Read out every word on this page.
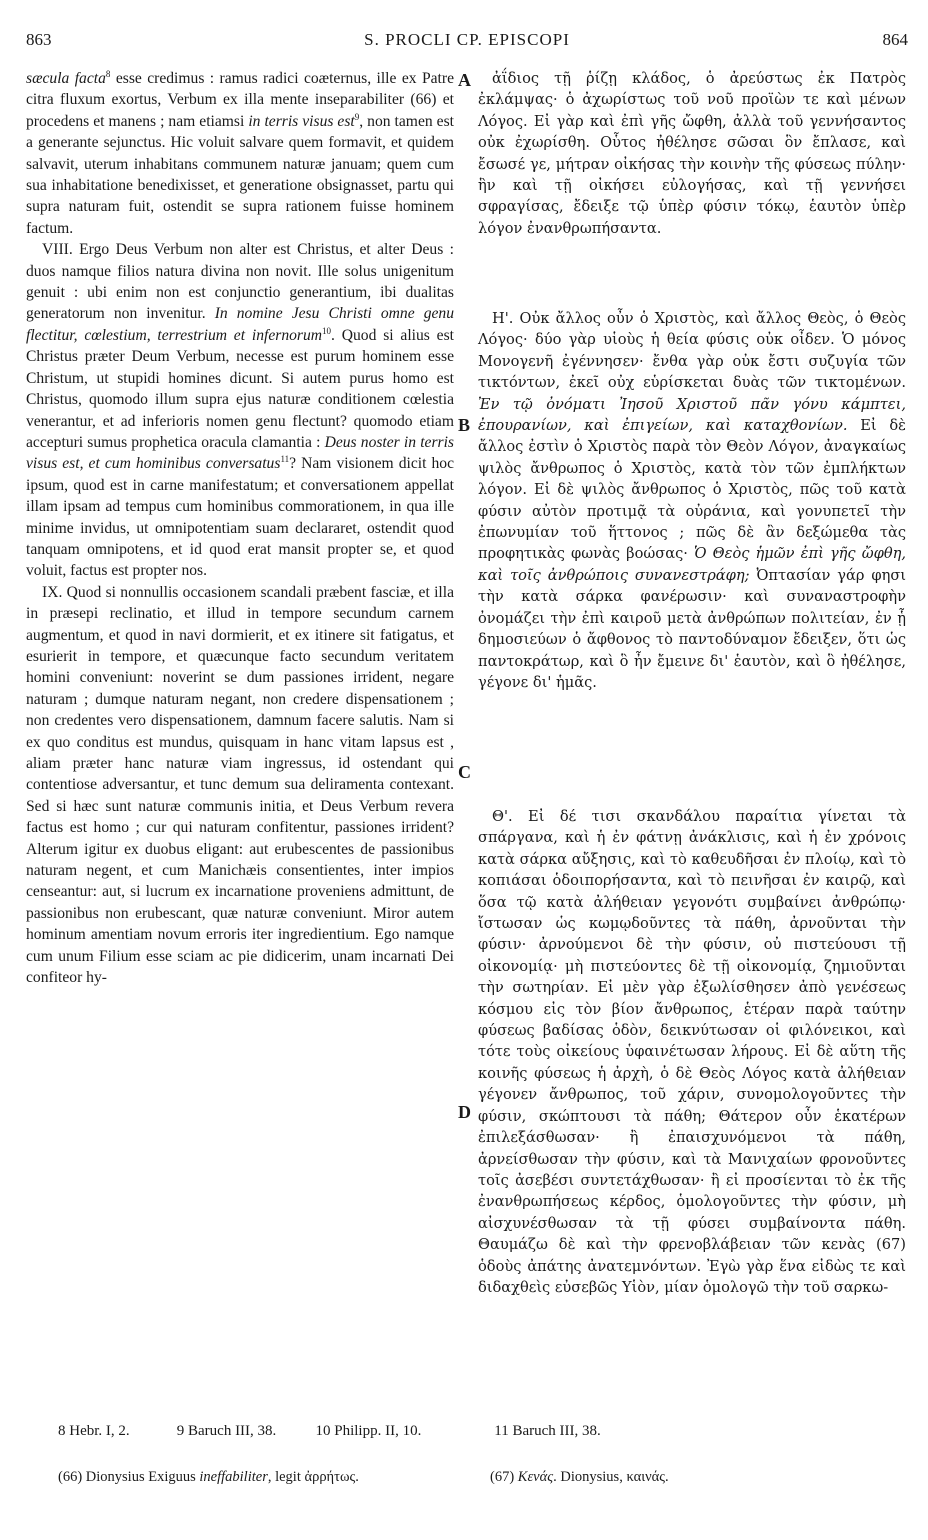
863	S. PROCLI CP. EPISCOPI	864

sæcula facta$^8$ esse credimus : ramus radici coæternus, ille ex Patre citra fluxum exortus, Verbum ex illa mente inseparabiliter (66) et procedens et manens ; nam etiamsi in terris visus est$^9$, non tamen est a generante sejunctus. Hic voluit salvare quem formavit, et quidem salvavit, uterum inhabitans communem naturæ januam; quem cum sua inhabitatione benedixisset, et generatione obsignasset, partu qui supra naturam fuit, ostendit se supra rationem fuisse hominem factum.

VIII. Ergo Deus Verbum non alter est Christus, et alter Deus : duos namque filios natura divina non novit. Ille solus unigenitum genuit : ubi enim non est conjunctio generantium, ibi dualitas generatorum non invenitur. In nomine Jesu Christi omne genu flectitur, cœlestium, terrestrium et infernorum$^{10}$. Quod si alius est Christus præter Deum Verbum, necesse est purum hominem esse Christum, ut stupidi homines dicunt. Si autem purus homo est Christus, quomodo illum supra ejus naturæ conditionem cœlestia venerantur, et ad inferioris nomen genu flectunt? quomodo etiam accepturi sumus prophetica oracula clamantia : Deus noster in terris visus est, et cum hominibus conversatus$^{11}$? Nam visionem dicit hoc ipsum, quod est in carne manifestatum; et conversationem appellat illam ipsam ad tempus cum hominibus commorationem, in qua ille minime invidus, ut omnipotentiam suam declararet, ostendit quod tanquam omnipotens, et id quod erat mansit propter se, et quod voluit, factus est propter nos.

IX. Quod si nonnullis occasionem scandali præbent fasciæ, et illa in præsepi reclinatio, et illud in tempore secundum carnem augmentum, et quod in navi dormierit, et ex itinere sit fatigatus, et esurierit in tempore, et quæcunque facto secundum veritatem homini conveniunt: noverint se dum passiones irrident, negare naturam ; dumque naturam negant, non credere dispensationem ; non credentes vero dispensationem, damnum facere salutis. Nam si ex quo conditus est mundus, quisquam in hanc vitam lapsus est , aliam præter hanc naturæ viam ingressus, id ostendant qui contentiose adversantur, et tunc demum sua deliramenta contexant. Sed si hæc sunt naturæ communis initia, et Deus Verbum revera factus est homo ; cur qui naturam confitentur, passiones irrident? Alterum igitur ex duobus eligant: aut erubescentes de passionibus naturam negent, et cum Manichæis consentientes, inter impios censeantur: aut, si lucrum ex incarnatione proveniens admittunt, de passionibus non erubescant, quæ naturæ conveniunt. Miror autem hominum amentiam novum erroris iter ingredientium. Ego namque cum unum Filium esse sciam ac pie didicerim, unam incarnati Dei confiteor hy-

A
B
C
D

ἀΐδιος τῇ ῥίζῃ κλάδος, ὁ ἀρεύστως ἐκ Πατρὸς ἐκλάμψας· ὁ ἀχωρίστως τοῦ νοῦ προϊὼν τε καὶ μένων Λόγος. Εἰ γὰρ καὶ ἐπὶ γῆς ὤφθη, ἀλλὰ τοῦ γεννήσαντος οὐκ ἐχωρίσθη. Οὗτος ἠθέλησε σῶσαι ὃν ἔπλασε, καὶ ἔσωσέ γε, μήτραν οἰκήσας τὴν κοινὴν τῆς φύσεως πύλην· ἣν καὶ τῇ οἰκήσει εὐλογήσας, καὶ τῇ γεννήσει σφραγίσας, ἔδειξε τῷ ὑπὲρ φύσιν τόκῳ, ἑαυτὸν ὑπὲρ λόγον ἐνανθρωπήσαντα.

Η'. Οὐκ ἄλλος οὖν ὁ Χριστὸς, καὶ ἄλλος Θεὸς, ὁ Θεὸς Λόγος· δύο γὰρ υἱοὺς ἡ θεία φύσις οὐκ οἶδεν. Ὁ μόνος Μονογενῆ ἐγέννησεν· ἔνθα γὰρ οὐκ ἔστι συζυγία τῶν τικτόντων, ἐκεῖ οὐχ εὑρίσκεται δυὰς τῶν τικτομένων. Ἐν τῷ ὀνόματι Ἰησοῦ Χριστοῦ πᾶν γόνυ κάμπτει, ἐπουρανίων, καὶ ἐπιγείων, καὶ καταχθονίων. Εἰ δὲ ἄλλος ἐστὶν ὁ Χριστὸς παρὰ τὸν Θεὸν Λόγον, ἀναγκαίως ψιλὸς ἄνθρωπος ὁ Χριστὸς, κατὰ τὸν τῶν ἐμπλήκτων λόγον. Εἰ δὲ ψιλὸς ἄνθρωπος ὁ Χριστὸς, πῶς τοῦ κατὰ φύσιν αὐτὸν προτιμᾷ τὰ οὐράνια, καὶ γονυπετεῖ τὴν ἐπωνυμίαν τοῦ ἥττονος ; πῶς δὲ ἂν δεξώμεθα τὰς προφητικὰς φωνὰς βοώσας· Ὁ Θεὸς ἡμῶν ἐπὶ γῆς ὤφθη, καὶ τοῖς ἀνθρώποις συνανεστράφη; Ὀπτασίαν γάρ φησι τὴν κατὰ σάρκα φανέρωσιν· καὶ συναναστροφὴν ὀνομάζει τὴν ἐπὶ καιροῦ μετὰ ἀνθρώπων πολιτείαν, ἐν ᾗ δημοσιεύων ὁ ἄφθονος τὸ παντοδύναμον ἔδειξεν, ὅτι ὡς παντοκράτωρ, καὶ ὃ ἦν ἔμεινε δι' ἑαυτὸν, καὶ ὃ ἠθέλησε, γέγονε δι' ἡμᾶς.

Θ'. Εἰ δέ τισι σκανδάλου παραίτια γίνεται τὰ σπάργανα, καὶ ἡ ἐν φάτνῃ ἀνάκλισις, καὶ ἡ ἐν χρόνοις κατὰ σάρκα αὔξησις, καὶ τὸ καθευδῆσαι ἐν πλοίῳ, καὶ τὸ κοπιάσαι ὁδοιπορήσαντα, καὶ τὸ πεινῆσαι ἐν καιρῷ, καὶ ὅσα τῷ κατὰ ἀλήθειαν γεγονότι συμβαίνει ἀνθρώπῳ· ἴστωσαν ὡς κωμῳδοῦντες τὰ πάθη, ἀρνοῦνται τὴν φύσιν· ἀρνούμενοι δὲ τὴν φύσιν, οὐ πιστεύουσι τῇ οἰκονομίᾳ· μὴ πιστεύοντες δὲ τῇ οἰκονομίᾳ, ζημιοῦνται τὴν σωτηρίαν. Εἰ μὲν γὰρ ἐξωλίσθησεν ἀπὸ γενέσεως κόσμου εἰς τὸν βίον ἄνθρωπος, ἑτέραν παρὰ ταύτην φύσεως βαδίσας ὁδὸν, δεικνύτωσαν οἱ φιλόνεικοι, καὶ τότε τοὺς οἰκείους ὑφαινέτωσαν λήρους. Εἰ δὲ αὕτη τῆς κοινῆς φύσεως ἡ ἀρχὴ, ὁ δὲ Θεὸς Λόγος κατὰ ἀλήθειαν γέγονεν ἄνθρωπος, τοῦ χάριν, συνομολογοῦντες τὴν φύσιν, σκώπτουσι τὰ πάθη; Θάτερον οὖν ἑκατέρων ἐπιλεξάσθωσαν· ἢ ἐπαισχυνόμενοι τὰ πάθη, ἀρνείσθωσαν τὴν φύσιν, καὶ τὰ Μανιχαίων φρονοῦντες τοῖς ἀσεβέσι συντετάχθωσαν· ἢ εἰ προσίενται τὸ ἐκ τῆς ἐνανθρωπήσεως κέρδος, ὁμολογοῦντες τὴν φύσιν, μὴ αἰσχυνέσθωσαν τὰ τῇ φύσει συμβαίνοντα πάθη. Θαυμάζω δὲ καὶ τὴν φρενοβλάβειαν τῶν κενὰς (67) ὁδοὺς ἀπάτης ἀνατεμνόντων. Ἐγὼ γὰρ ἕνα εἰδὼς τε καὶ διδαχθεὶς εὐσεβῶς Υἱὸν, μίαν ὁμολογῶ τὴν τοῦ σαρκω-

8 Hebr. I, 2.	9 Baruch III, 38.	10 Philipp. II, 10.	11 Baruch III, 38.
(66) Dionysius Exiguus ineffabiliter, legit ἀρρήτως.	(67) Κενάς. Dionysius, καινάς.
